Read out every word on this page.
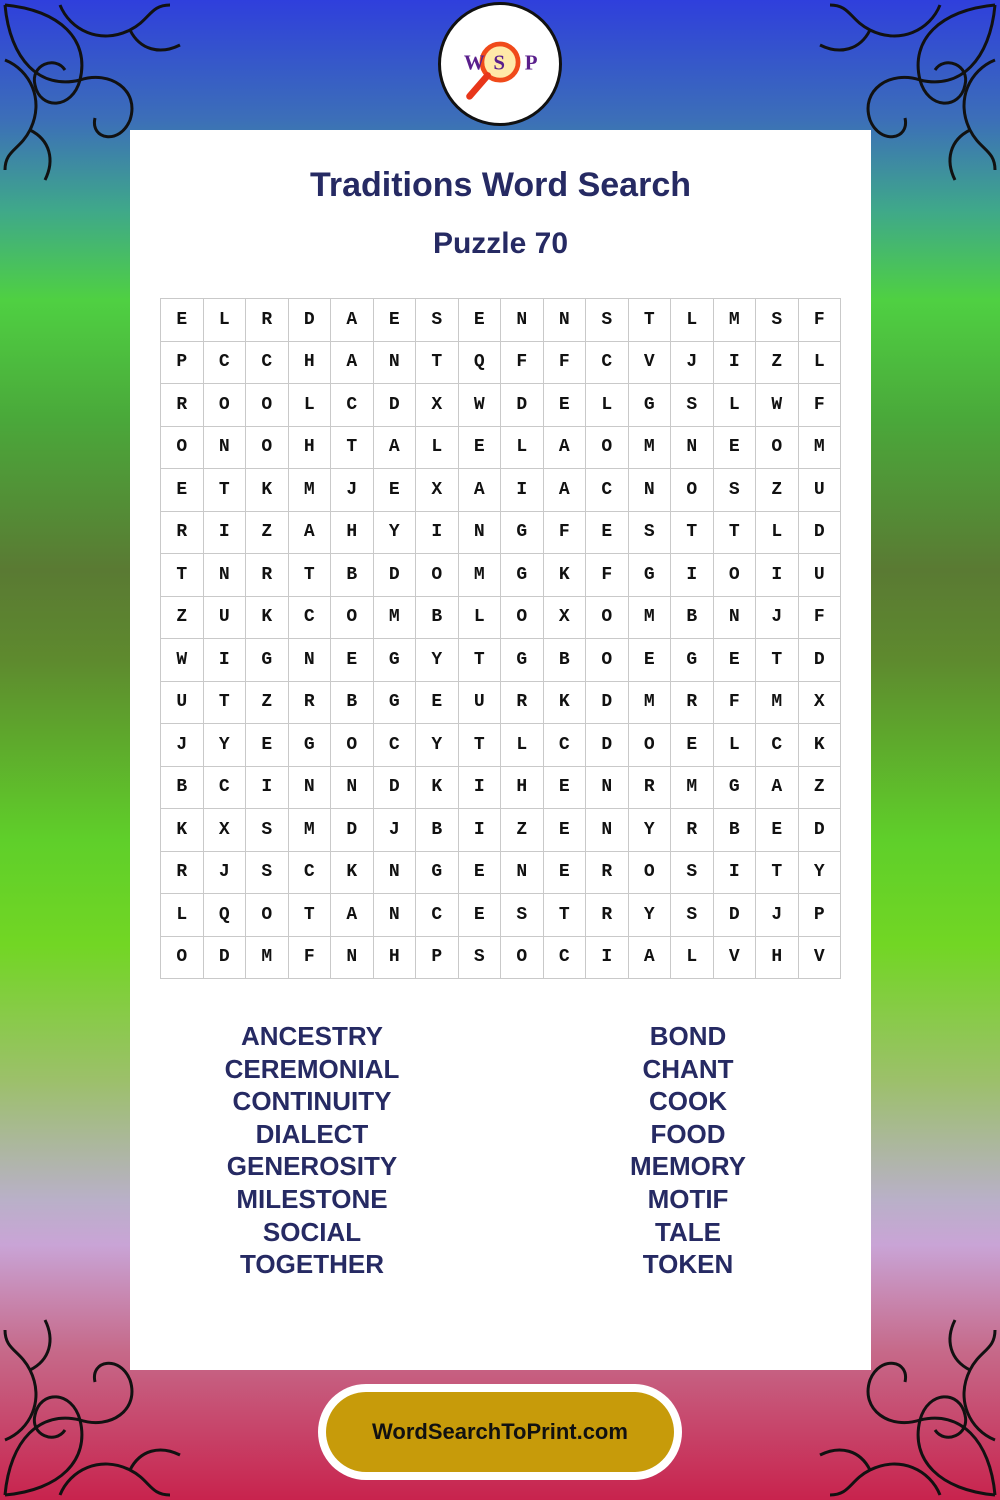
W S P
Traditions Word Search
Puzzle 70
E	L	R	D	A	E	S	E	N	N	S	T	L	M	S	F
P	C	C	H	A	N	T	Q	F	F	C	V	J	I	Z	L
R	O	O	L	C	D	X	W	D	E	L	G	S	L	W	F
O	N	O	H	T	A	L	E	L	A	O	M	N	E	O	M
E	T	K	M	J	E	X	A	I	A	C	N	O	S	Z	U
R	I	Z	A	H	Y	I	N	G	F	E	S	T	T	L	D
T	N	R	T	B	D	O	M	G	K	F	G	I	O	I	U
Z	U	K	C	O	M	B	L	O	X	O	M	B	N	J	F
W	I	G	N	E	G	Y	T	G	B	O	E	G	E	T	D
U	T	Z	R	B	G	E	U	R	K	D	M	R	F	M	X
J	Y	E	G	O	C	Y	T	L	C	D	O	E	L	C	K
B	C	I	N	N	D	K	I	H	E	N	R	M	G	A	Z
K	X	S	M	D	J	B	I	Z	E	N	Y	R	B	E	D
R	J	S	C	K	N	G	E	N	E	R	O	S	I	T	Y
L	Q	O	T	A	N	C	E	S	T	R	Y	S	D	J	P
O	D	M	F	N	H	P	S	O	C	I	A	L	V	H	V
ANCESTRY
CEREMONIAL
CONTINUITY
DIALECT
GENEROSITY
MILESTONE
SOCIAL
TOGETHER
BOND
CHANT
COOK
FOOD
MEMORY
MOTIF
TALE
TOKEN
WordSearchToPrint.com
